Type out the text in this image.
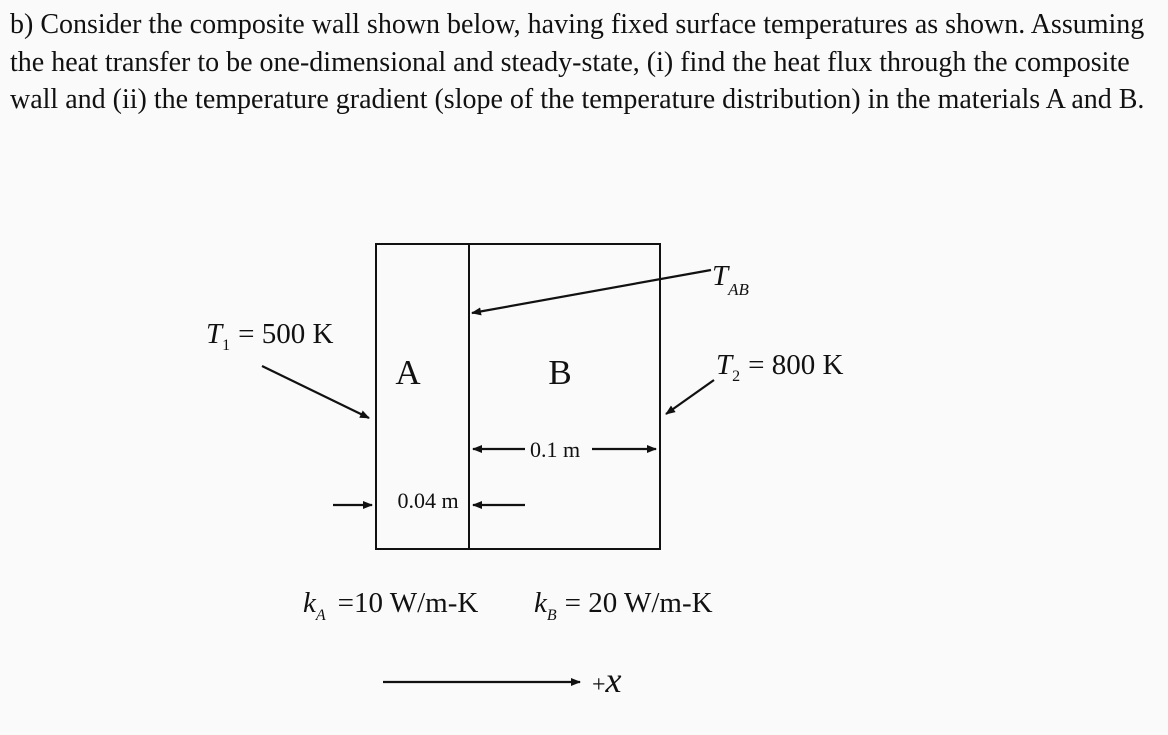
b) Consider the composite wall shown below, having fixed surface temperatures as shown. Assuming the heat transfer to be one-dimensional and steady-state, (i) find the heat flux through the composite wall and (ii) the temperature gradient (slope of the temperature distribution) in the materials A and B.

A	B
TAB
$T_1 = 500$ K
$T_2 = 800$ K
0.1 m
0.04 m
$k_A =10$ W/m-K $k_B = 20$ W/m-K
+x
